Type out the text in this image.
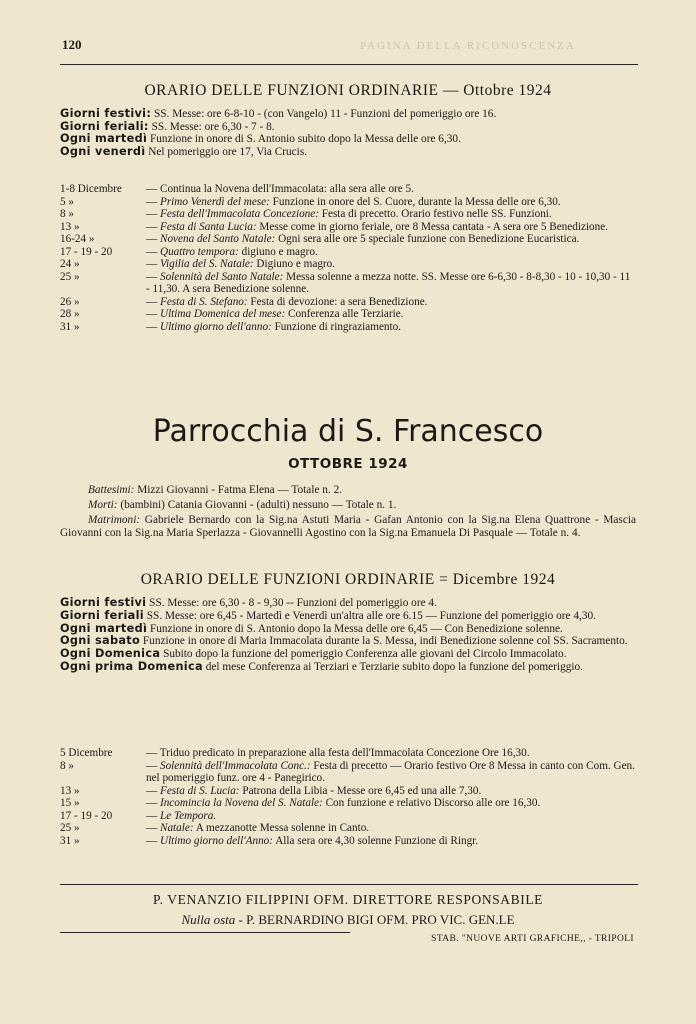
120	PAGINA DELLA RICONOSCENZA
ORARIO DELLE FUNZIONI ORDINARIE — Ottobre 1924

Giorni festivi: SS. Messe: ore 6-8-10 - (con Vangelo) 11 - Funzioni del pomeriggio ore 16.

Giorni feriali: SS. Messe: ore 6,30 - 7 - 8.

Ogni martedì Funzione in onore di S. Antonio subito dopo la Messa delle ore 6,30.

Ogni venerdì Nel pomeriggio ore 17, Via Crucis.

1-8 Dicembre	— Continua la Novena dell'Immacolata: alla sera alle ore 5.
5 »	— Primo Venerdì del mese: Funzione in onore del S. Cuore, durante la Messa delle ore 6,30.
8 »	— Festa dell'Immacolata Concezione: Festa di precetto. Orario festivo nelle SS. Funzioni.
13 »	— Festa di Santa Lucia: Messe come in giorno feriale, ore 8 Messa cantata - A sera ore 5 Benedizione.
16-24 »	— Novena del Santo Natale: Ogni sera alle ore 5 speciale funzione con Benedizione Eucaristica.
17 - 19 - 20	— Quattro tempora: digiuno e magro.
24 »	— Vigilia del S. Natale: Digiuno e magro.
25 »	— Solennità del Santo Natale: Messa solenne a mezza notte. SS. Messe ore 6-6,30 - 8-8,30 - 10 - 10,30 - 11 - 11,30. A sera Benedizione solenne.
26 »	— Festa di S. Stefano: Festa di devozione: a sera Benedizione.
28 »	— Ultima Domenica del mese: Conferenza alle Terziarie.
31 »	— Ultimo giorno dell'anno: Funzione di ringraziamento.
Parrocchia di S. Francesco
OTTOBRE 1924

Battesimi: Mizzi Giovanni - Fatma Elena — Totale n. 2.

Morti: (bambini) Catania Giovanni - (adulti) nessuno — Totale n. 1.

Matrimoni: Gabriele Bernardo con la Sig.na Astuti Maria - Gafan Antonio con la Sig.na Elena Quattrone - Mascia Giovanni con la Sig.na Maria Sperlazza - Giovannelli Agostino con la Sig.na Emanuela Di Pasquale — Totale n. 4.

ORARIO DELLE FUNZIONI ORDINARIE = Dicembre 1924

Giorni festivi SS. Messe: ore 6,30 - 8 - 9,30 -- Funzioni del pomeriggio ore 4.

Giorni feriali SS. Messe: ore 6,45 - Martedì e Venerdì un'altra alle ore 6.15 — Funzione del pomeriggio ore 4,30.

Ogni martedì Funzione in onore di S. Antonio dopo la Messa delle ore 6,45 — Con Benedizione solenne.

Ogni sabato Funzione in onore di Maria Immacolata durante la S. Messa, indi Benedizione solenne col SS. Sacramento.

Ogni Domenica Subito dopo la funzione del pomeriggio Conferenza alle giovani del Circolo Immacolato.

Ogni prima Domenica del mese Conferenza ai Terziari e Terziarie subito dopo la funzione del pomeriggio.

5 Dicembre	— Triduo predicato in preparazione alla festa dell'Immacolata Concezione Ore 16,30.
8 »	— Solennità dell'Immacolata Conc.: Festa di precetto — Orario festivo Ore 8 Messa in canto con Com. Gen. nel pomeriggio funz. ore 4 - Panegirico.
13 »	— Festa di S. Lucia: Patrona della Libia - Messe ore 6,45 ed una alle 7,30.
15 »	— Incomincia la Novena del S. Natale: Con funzione e relativo Discorso alle ore 16,30.
17 - 19 - 20	— Le Tempora.
25 »	— Natale: A mezzanotte Messa solenne in Canto.
31 »	— Ultimo giorno dell'Anno: Alla sera ore 4,30 solenne Funzione di Ringr.
P. VENANZIO FILIPPINI OFM. DIRETTORE RESPONSABILE
Nulla osta - P. BERNARDINO BIGI OFM. PRO VIC. GEN.LE
STAB. "NUOVE ARTI GRAFICHE,, - TRIPOLI
